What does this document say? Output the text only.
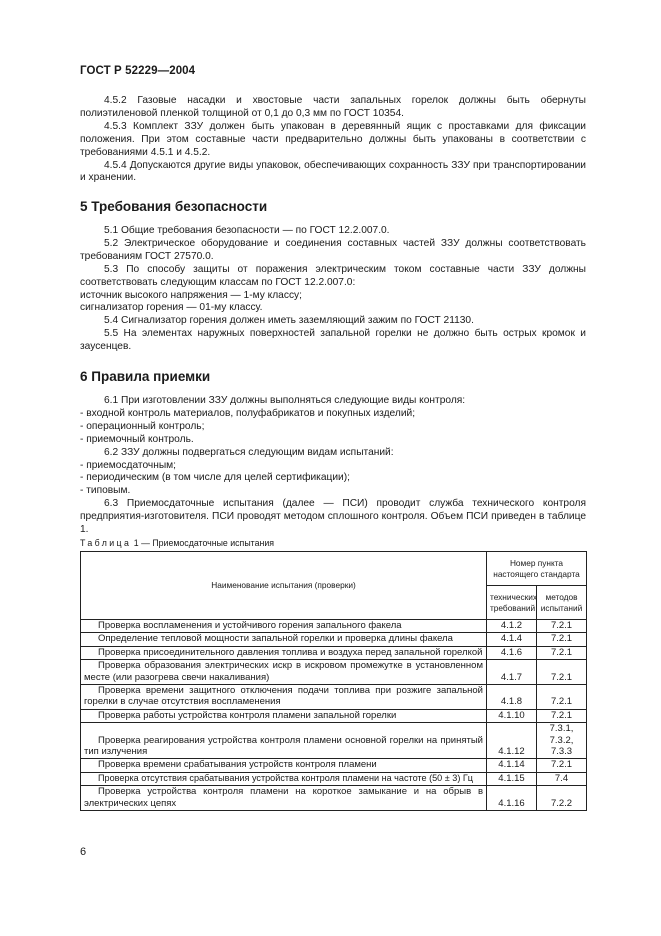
ГОСТ Р 52229—2004

4.5.2 Газовые насадки и хвостовые части запальных горелок должны быть обернуты полиэтиленовой пленкой толщиной от 0,1 до 0,3 мм по ГОСТ 10354.

4.5.3 Комплект ЗЗУ должен быть упакован в деревянный ящик с проставками для фиксации положения. При этом составные части предварительно должны быть упакованы в соответствии с требованиями 4.5.1 и 4.5.2.

4.5.4 Допускаются другие виды упаковок, обеспечивающих сохранность ЗЗУ при транспортировании и хранении.

5 Требования безопасности

5.1 Общие требования безопасности — по ГОСТ 12.2.007.0.

5.2 Электрическое оборудование и соединения составных частей ЗЗУ должны соответствовать требованиям ГОСТ 27570.0.

5.3 По способу защиты от поражения электрическим током составные части ЗЗУ должны соответствовать следующим классам по ГОСТ 12.2.007.0:

источник высокого напряжения — 1-му классу;

сигнализатор горения — 01-му классу.

5.4 Сигнализатор горения должен иметь заземляющий зажим по ГОСТ 21130.

5.5 На элементах наружных поверхностей запальной горелки не должно быть острых кромок и заусенцев.

6 Правила приемки

6.1 При изготовлении ЗЗУ должны выполняться следующие виды контроля:

- входной контроль материалов, полуфабрикатов и покупных изделий;

- операционный контроль;

- приемочный контроль.

6.2 ЗЗУ должны подвергаться следующим видам испытаний:

- приемосдаточным;

- периодическим (в том числе для целей сертификации);

- типовым.

6.3 Приемосдаточные испытания (далее — ПСИ) проводит служба технического контроля предприятия-изготовителя. ПСИ проводят методом сплошного контроля. Объем ПСИ приведен в таблице 1.

Таблица 1 — Приемосдаточные испытания
Наименование испытания (проверки)	Номер пункта настоящего стандарта	
	технических требований	методов испытаний
Проверка воспламенения и устойчивого горения запального факела	4.1.2	7.2.1
Определение тепловой мощности запальной горелки и проверка длины факела	4.1.4	7.2.1
Проверка присоединительного давления топлива и воздуха перед запальной горелкой	4.1.6	7.2.1
Проверка образования электрических искр в искровом промежутке в установленном месте (или разогрева свечи накаливания)	4.1.7	7.2.1
Проверка времени защитного отключения подачи топлива при розжиге запальной горелки в случае отсутствия воспламенения	4.1.8	7.2.1
Проверка работы устройства контроля пламени запальной горелки	4.1.10	7.2.1
Проверка реагирования устройства контроля пламени основной горелки на принятый тип излучения	4.1.12	7.3.1, 7.3.2, 7.3.3
Проверка времени срабатывания устройств контроля пламени	4.1.14	7.2.1
Проверка отсутствия срабатывания устройства контроля пламени на частоте (50 ± 3) Гц	4.1.15	7.4
Проверка устройства контроля пламени на короткое замыкание и на обрыв в электрических цепях	4.1.16	7.2.2
6
